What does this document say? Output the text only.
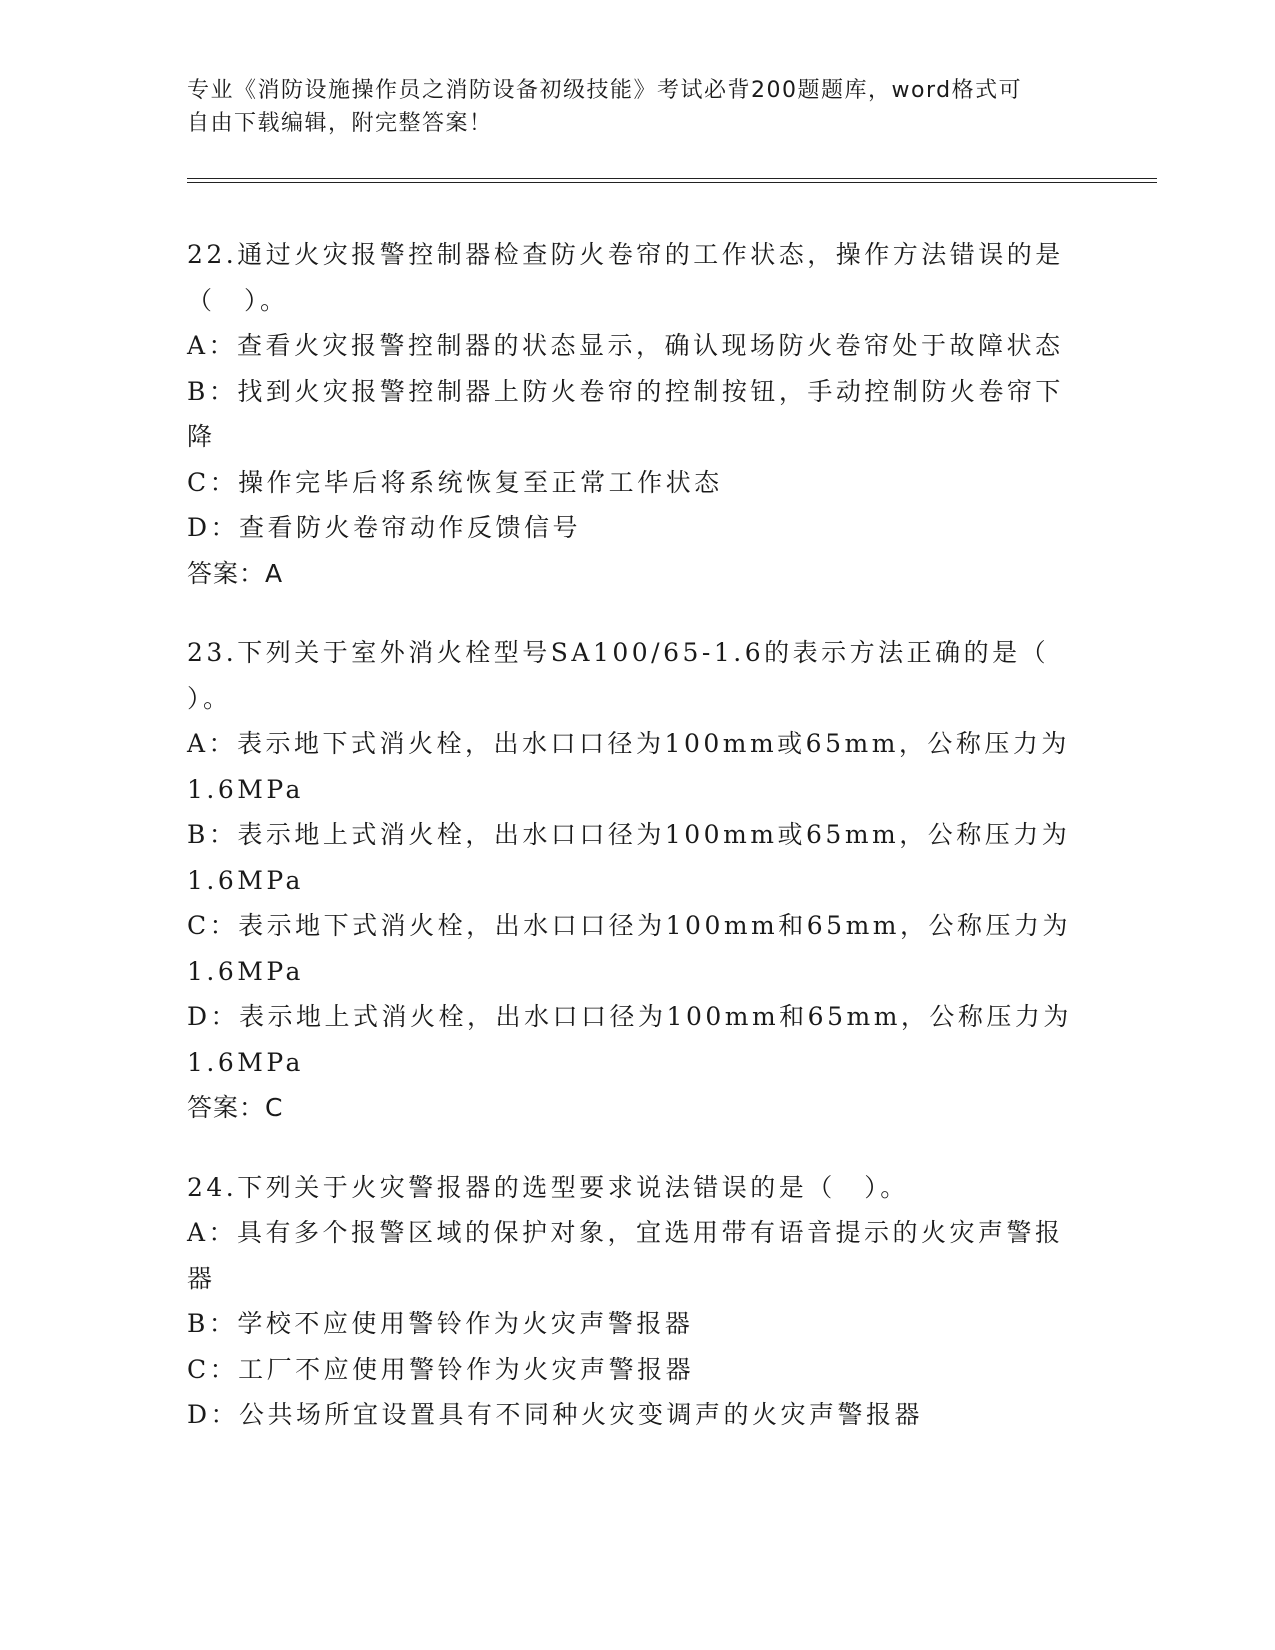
专业《消防设施操作员之消防设备初级技能》考试必背200题题库，word格式可
自由下载编辑，附完整答案！
22.通过火灾报警控制器检查防火卷帘的工作状态，操作方法错误的是
（　）。
A：查看火灾报警控制器的状态显示，确认现场防火卷帘处于故障状态
B：找到火灾报警控制器上防火卷帘的控制按钮，手动控制防火卷帘下
降
C：操作完毕后将系统恢复至正常工作状态
D：查看防火卷帘动作反馈信号
答案：A
23.下列关于室外消火栓型号SA100/65-1.6的表示方法正确的是（
）。
A：表示地下式消火栓，出水口口径为100mm或65mm，公称压力为
1.6MPa
B：表示地上式消火栓，出水口口径为100mm或65mm，公称压力为
1.6MPa
C：表示地下式消火栓，出水口口径为100mm和65mm，公称压力为
1.6MPa
D：表示地上式消火栓，出水口口径为100mm和65mm，公称压力为
1.6MPa
答案：C
24.下列关于火灾警报器的选型要求说法错误的是（　）。
A：具有多个报警区域的保护对象，宜选用带有语音提示的火灾声警报
器
B：学校不应使用警铃作为火灾声警报器
C：工厂不应使用警铃作为火灾声警报器
D：公共场所宜设置具有不同种火灾变调声的火灾声警报器
